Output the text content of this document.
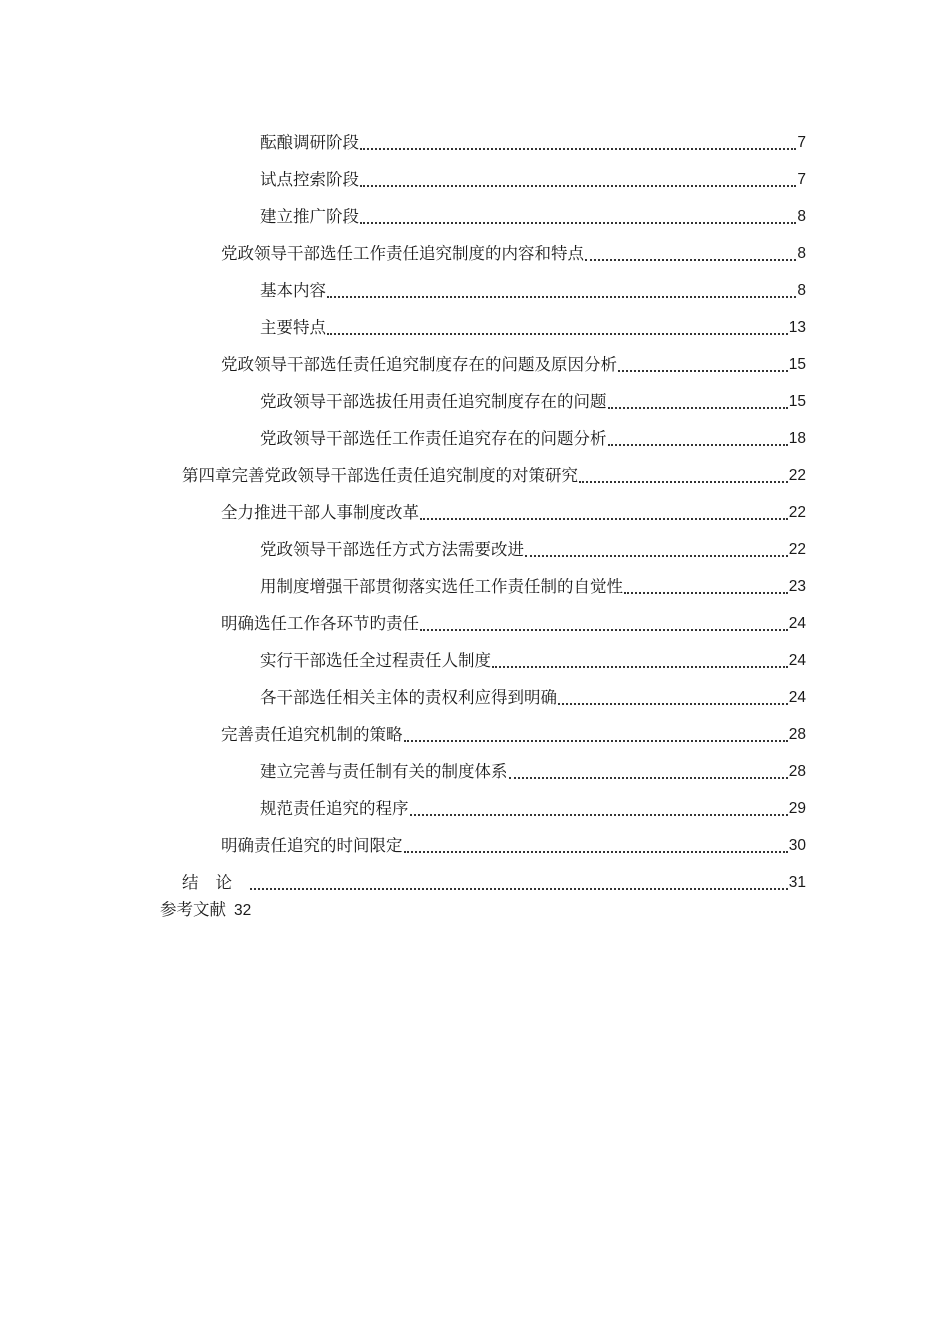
酝酿调研阶段	7
试点控索阶段	7
建立推广阶段	8
党政领导干部选任工作责任追究制度的内容和特点	8
基本内容	8
主要特点	13
党政领导干部选任责任追究制度存在的问题及原因分析	15
党政领导干部选拔任用责任追究制度存在的问题	15
党政领导干部选任工作责任追究存在的问题分析	18
第四章完善党政领导干部选任责任追究制度的对策研究	22
全力推进干部人事制度改革	22
党政领导干部选任方式方法需要改进	22
用制度增强干部贯彻落实选任工作责任制的自觉性	23
明确选任工作各环节旳责任	24
实行干部选任全过程责任人制度	24
各干部选任相关主体的责权利应得到明确	24
完善责任追究机制的策略	28
建立完善与责任制有关的制度体系	28
规范责任追究的程序	29
明确责任追究的时间限定	30
结论	31
参考文献 32
